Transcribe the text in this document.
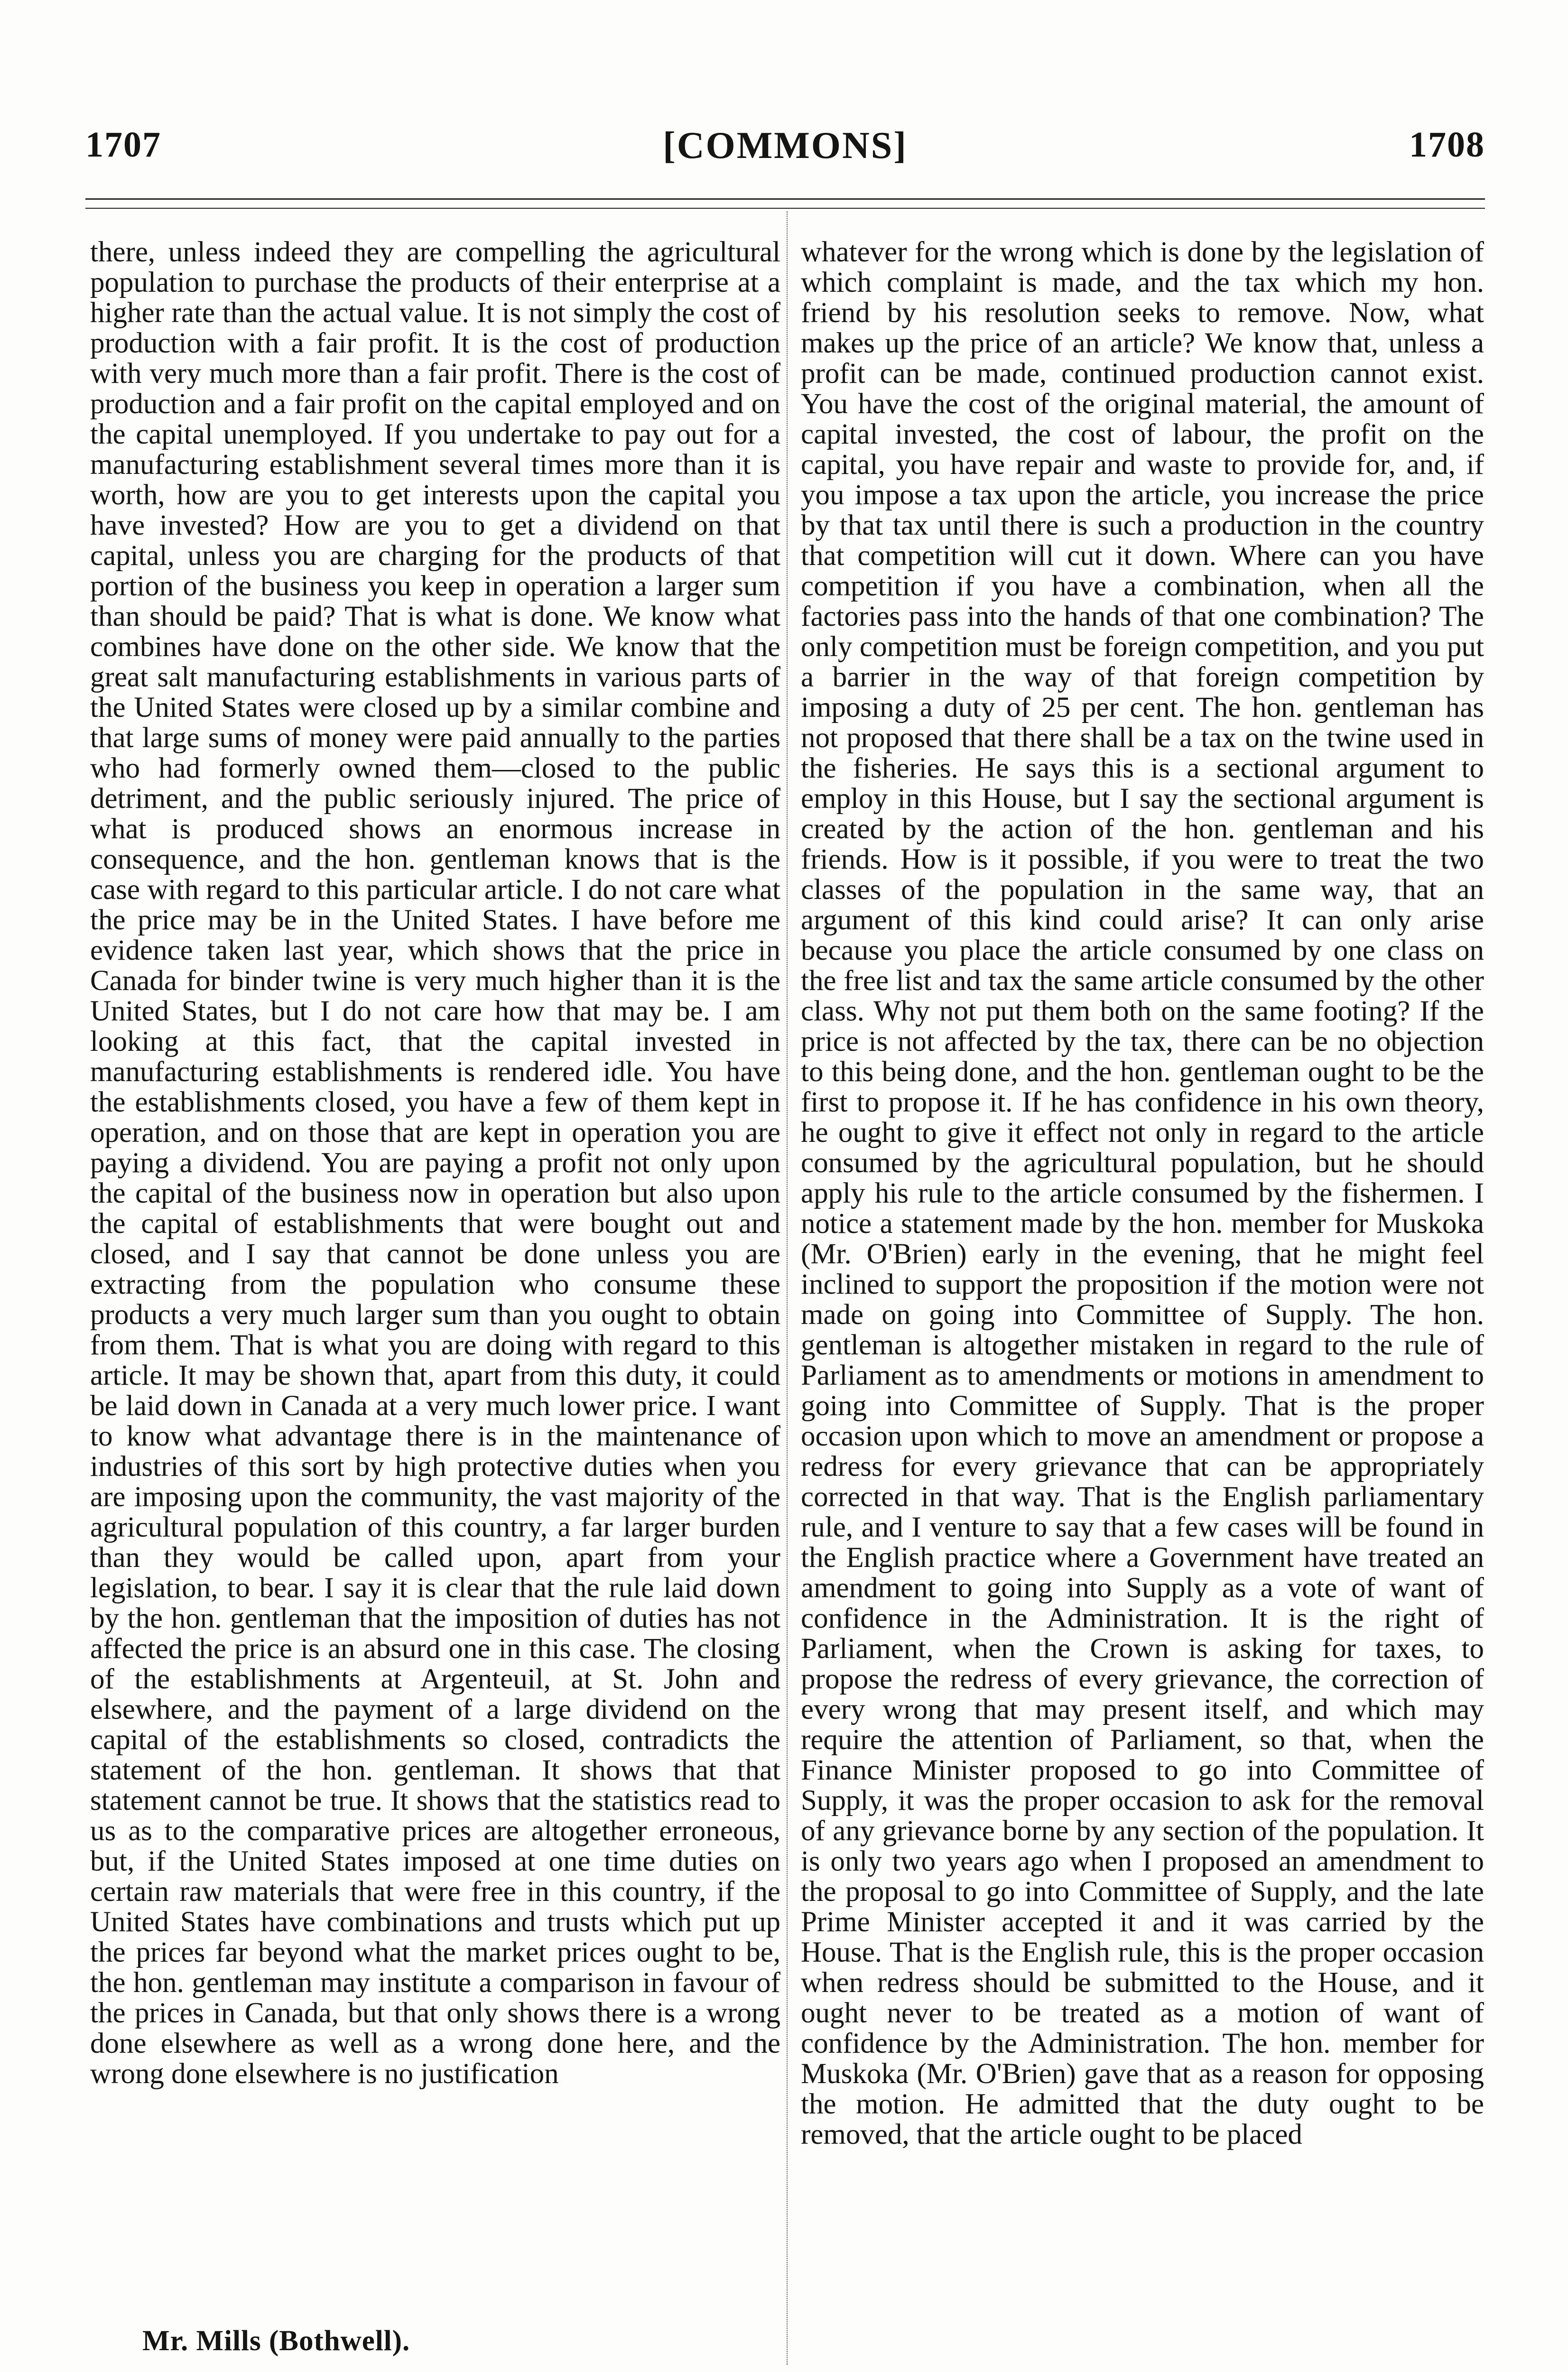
1707	[COMMONS]	1708

there, unless indeed they are compelling the agricultural population to purchase the products of their enterprise at a higher rate than the actual value. It is not simply the cost of production with a fair profit. It is the cost of production with very much more than a fair profit. There is the cost of production and a fair profit on the capital employed and on the capital unemployed. If you undertake to pay out for a manufacturing establishment several times more than it is worth, how are you to get interests upon the capital you have invested? How are you to get a dividend on that capital, unless you are charging for the products of that portion of the business you keep in operation a larger sum than should be paid? That is what is done. We know what combines have done on the other side. We know that the great salt manufacturing establishments in various parts of the United States were closed up by a similar combine and that large sums of money were paid annually to the parties who had formerly owned them—closed to the public detriment, and the public seriously injured. The price of what is produced shows an enormous increase in consequence, and the hon. gentleman knows that is the case with regard to this particular article. I do not care what the price may be in the United States. I have before me evidence taken last year, which shows that the price in Canada for binder twine is very much higher than it is the United States, but I do not care how that may be. I am looking at this fact, that the capital invested in manufacturing establishments is rendered idle. You have the establishments closed, you have a few of them kept in operation, and on those that are kept in operation you are paying a dividend. You are paying a profit not only upon the capital of the business now in operation but also upon the capital of establishments that were bought out and closed, and I say that cannot be done unless you are extracting from the population who consume these products a very much larger sum than you ought to obtain from them. That is what you are doing with regard to this article. It may be shown that, apart from this duty, it could be laid down in Canada at a very much lower price. I want to know what advantage there is in the maintenance of industries of this sort by high protective duties when you are imposing upon the community, the vast majority of the agricultural population of this country, a far larger burden than they would be called upon, apart from your legislation, to bear. I say it is clear that the rule laid down by the hon. gentleman that the imposition of duties has not affected the price is an absurd one in this case. The closing of the establishments at Argenteuil, at St. John and elsewhere, and the payment of a large dividend on the capital of the establishments so closed, contradicts the statement of the hon. gentleman. It shows that that statement cannot be true. It shows that the statistics read to us as to the comparative prices are altogether erroneous, but, if the United States imposed at one time duties on certain raw materials that were free in this country, if the United States have combinations and trusts which put up the prices far beyond what the market prices ought to be, the hon. gentleman may institute a comparison in favour of the prices in Canada, but that only shows there is a wrong done elsewhere as well as a wrong done here, and the wrong done elsewhere is no justification

whatever for the wrong which is done by the legislation of which complaint is made, and the tax which my hon. friend by his resolution seeks to remove. Now, what makes up the price of an article? We know that, unless a profit can be made, continued production cannot exist. You have the cost of the original material, the amount of capital invested, the cost of labour, the profit on the capital, you have repair and waste to provide for, and, if you impose a tax upon the article, you increase the price by that tax until there is such a production in the country that competition will cut it down. Where can you have competition if you have a combination, when all the factories pass into the hands of that one combination? The only competition must be foreign competition, and you put a barrier in the way of that foreign competition by imposing a duty of 25 per cent. The hon. gentleman has not proposed that there shall be a tax on the twine used in the fisheries. He says this is a sectional argument to employ in this House, but I say the sectional argument is created by the action of the hon. gentleman and his friends. How is it possible, if you were to treat the two classes of the population in the same way, that an argument of this kind could arise? It can only arise because you place the article consumed by one class on the free list and tax the same article consumed by the other class. Why not put them both on the same footing? If the price is not affected by the tax, there can be no objection to this being done, and the hon. gentleman ought to be the first to propose it. If he has confidence in his own theory, he ought to give it effect not only in regard to the article consumed by the agricultural population, but he should apply his rule to the article consumed by the fishermen. I notice a statement made by the hon. member for Muskoka (Mr. O'Brien) early in the evening, that he might feel inclined to support the proposition if the motion were not made on going into Committee of Supply. The hon. gentleman is altogether mistaken in regard to the rule of Parliament as to amendments or motions in amendment to going into Committee of Supply. That is the proper occasion upon which to move an amendment or propose a redress for every grievance that can be appropriately corrected in that way. That is the English parliamentary rule, and I venture to say that a few cases will be found in the English practice where a Government have treated an amendment to going into Supply as a vote of want of confidence in the Administration. It is the right of Parliament, when the Crown is asking for taxes, to propose the redress of every grievance, the correction of every wrong that may present itself, and which may require the attention of Parliament, so that, when the Finance Minister proposed to go into Committee of Supply, it was the proper occasion to ask for the removal of any grievance borne by any section of the population. It is only two years ago when I proposed an amendment to the proposal to go into Committee of Supply, and the late Prime Minister accepted it and it was carried by the House. That is the English rule, this is the proper occasion when redress should be submitted to the House, and it ought never to be treated as a motion of want of confidence by the Administration. The hon. member for Muskoka (Mr. O'Brien) gave that as a reason for opposing the motion. He admitted that the duty ought to be removed, that the article ought to be placed

Mr. Mills (Bothwell).
